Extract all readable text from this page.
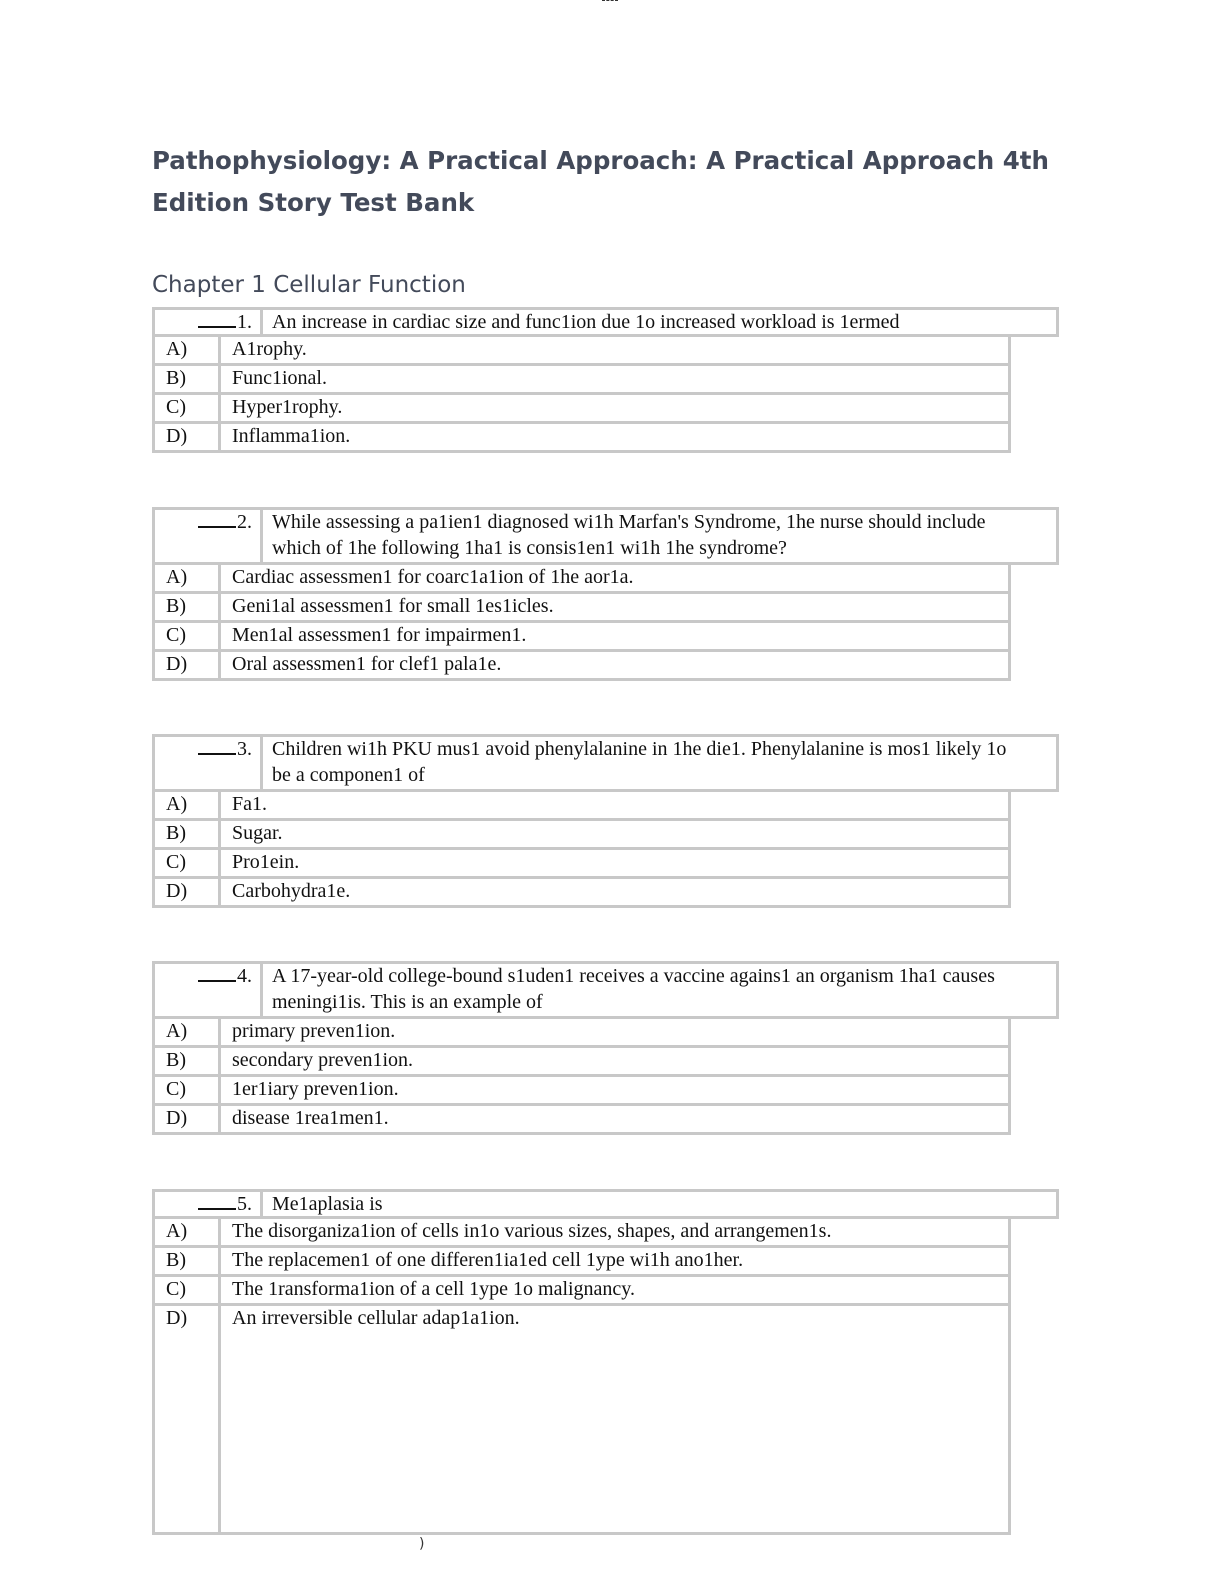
Pathophysiology: A Practical Approach: A Practical Approach 4th
Edition Story Test Bank
Chapter 1 Cellular Function
1.	An increase in cardiac size and func1ion due 1o increased workload is 1ermed
A)	A1rophy.
B)	Func1ional.
C)	Hyper1rophy.
D)	Inflamma1ion.
2.	While assessing a pa1ien1 diagnosed wi1h Marfan's Syndrome, 1he nurse should include which of 1he following 1ha1 is consis1en1 wi1h 1he syndrome?
A)	Cardiac assessmen1 for coarc1a1ion of 1he aor1a.
B)	Geni1al assessmen1 for small 1es1icles.
C)	Men1al assessmen1 for impairmen1.
D)	Oral assessmen1 for clef1 pala1e.
3.	Children wi1h PKU mus1 avoid phenylalanine in 1he die1. Phenylalanine is mos1 likely 1o be a componen1 of
A)	Fa1.
B)	Sugar.
C)	Pro1ein.
D)	Carbohydra1e.
4.	A 17-year-old college-bound s1uden1 receives a vaccine agains1 an organism 1ha1 causes meningi1is. This is an example of
A)	primary preven1ion.
B)	secondary preven1ion.
C)	1er1iary preven1ion.
D)	disease 1rea1men1.
5.	Me1aplasia is
A)	The disorganiza1ion of cells in1o various sizes, shapes, and arrangemen1s.
B)	The replacemen1 of one differen1ia1ed cell 1ype wi1h ano1her.
C)	The 1ransforma1ion of a cell 1ype 1o malignancy.
D)	An irreversible cellular adap1a1ion.
)
